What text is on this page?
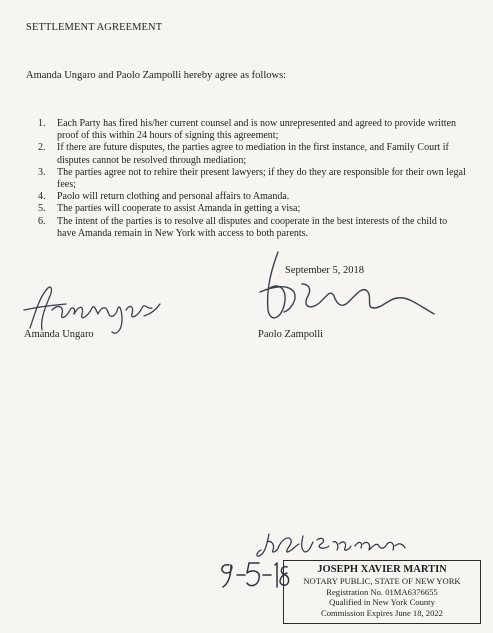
SETTLEMENT AGREEMENT
Amanda Ungaro and Paolo Zampolli hereby agree as follows:
1. Each Party has fired his/her current counsel and is now unrepresented and agreed to provide written proof of this within 24 hours of signing this agreement;
2. If there are future disputes, the parties agree to mediation in the first instance, and Family Court if disputes cannot be resolved through mediation;
3. The parties agree not to rehire their present lawyers; if they do they are responsible for their own legal fees;
4. Paolo will return clothing and personal affairs to Amanda.
5. The parties will cooperate to assist Amanda in getting a visa;
6. The intent of the parties is to resolve all disputes and cooperate in the best interests of the child to have Amanda remain in New York with access to both parents.
Amanda Ungaro
September 5, 2018
Paolo Zampolli
JOSEPH XAVIER MARTIN
NOTARY PUBLIC, STATE OF NEW YORK
Registration No. 01MA6376655
Qualified in New York County
Commission Expires June 18, 2022
